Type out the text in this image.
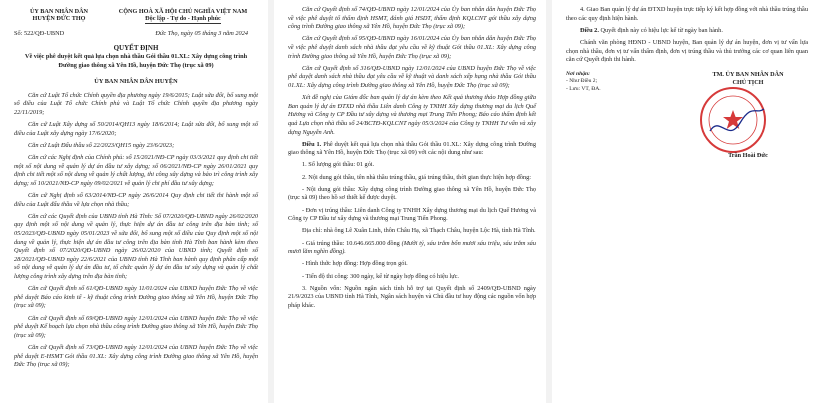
ỦY BAN NHÂN DÂN
HUYỆN ĐỨC THỌ
CỘNG HOÀ XÃ HỘI CHỦ NGHĨA VIỆT NAM
Độc lập - Tự do - Hạnh phúc
Số: 522/QĐ-UBND	Đức Thọ, ngày 05 tháng 3 năm 2024
QUYẾT ĐỊNH
Về việc phê duyệt kết quả lựa chọn nhà thầu Gói thầu 01.XL: Xây dựng công trình Đường giao thông xã Yên Hồ, huyện Đức Thọ (trục xã 09)
ỦY BAN NHÂN DÂN HUYỆN

Căn cứ Luật Tổ chức Chính quyền địa phương ngày 19/6/2015; Luật sửa đổi, bổ sung một số điều của Luật Tổ chức Chính phủ và Luật Tổ chức Chính quyền địa phương ngày 22/11/2019;

Căn cứ Luật Xây dựng số 50/2014/QH13 ngày 18/6/2014; Luật sửa đổi, bổ sung một số điều của Luật xây dựng ngày 17/6/2020;

Căn cứ Luật Đấu thầu số 22/2023/QH15 ngày 23/6/2023;

Căn cứ các Nghị định của Chính phủ: số 15/2021/NĐ-CP ngày 03/3/2021 quy định chi tiết một số nội dung về quản lý dự án đầu tư xây dựng; số 06/2021/NĐ-CP ngày 26/01/2021 quy định chi tiết một số nội dung về quản lý chất lượng, thi công xây dựng và bảo trì công trình xây dựng; số 10/2021/NĐ-CP ngày 09/02/2021 về quản lý chi phí đầu tư xây dựng;

Căn cứ Nghị định số 63/2014/NĐ-CP ngày 26/6/2014 Quy định chi tiết thi hành một số điều của Luật đấu thầu về lựa chọn nhà thầu;

Căn cứ các Quyết định của UBND tỉnh Hà Tĩnh: Số 07/2020/QĐ-UBND ngày 26/02/2020 quy định một số nội dung về quản lý, thực hiện dự án đầu tư công trên địa bàn tỉnh; số 05/2023/QĐ-UBND ngày 05/01/2023 về sửa đổi, bổ sung một số điều của Quy định một số nội dung về quản lý, thực hiện dự án đầu tư công trên địa bàn tỉnh Hà Tĩnh ban hành kèm theo Quyết định số 07/2020/QĐ-UBND ngày 26/02/2020 của UBND tỉnh; Quyết định số 28/2021/QĐ-UBND ngày 22/6/2021 của UBND tỉnh Hà Tĩnh ban hành quy định phân cấp một số nội dung về quản lý dự án đầu tư, tổ chức quản lý dự án đầu tư xây dựng và quản lý chất lượng công trình xây dựng trên địa bàn tỉnh;

Căn cứ Quyết định số 61/QĐ-UBND ngày 11/01/2024 của UBND huyện Đức Thọ về việc phê duyệt Báo cáo kinh tế - kỹ thuật công trình Đường giao thông xã Yên Hồ, huyện Đức Thọ (trục xã 09);

Căn cứ Quyết định số 69/QĐ-UBND ngày 12/01/2024 của UBND huyện Đức Thọ về việc phê duyệt Kế hoạch lựa chọn nhà thầu công trình Đường giao thông xã Yên Hồ, huyện Đức Thọ (trục xã 09);

Căn cứ Quyết định số 73/QĐ-UBND ngày 12/01/2024 của UBND huyện Đức Thọ về việc phê duyệt E-HSMT Gói thầu 01.XL: Xây dựng công trình Đường giao thông xã Yên Hồ, huyện Đức Thọ (trục xã 09);

Căn cứ Quyết định số 74/QĐ-UBND ngày 12/01/2024 của Ủy ban nhân dân huyện Đức Thọ về việc phê duyệt tổ thẩm định HSMT, đánh giá HSDT, thẩm định KQLCNT gói thầu xây dựng công trình Đường giao thông xã Yên Hồ, huyện Đức Thọ (trục xã 09);

Căn cứ Quyết định số 95/QĐ-UBND ngày 16/01/2024 của Ủy ban nhân dân huyện Đức Thọ về việc phê duyệt danh sách nhà thầu đạt yêu cầu về kỹ thuật Gói thầu 01.XL: Xây dựng công trình Đường giao thông xã Yên Hồ, huyện Đức Thọ (trục xã 09);

Căn cứ Quyết định số 316/QĐ-UBND ngày 12/01/2024 của UBND huyện Đức Thọ về việc phê duyệt danh sách nhà thầu đạt yêu cầu về kỹ thuật và danh sách xếp hạng nhà thầu Gói thầu 01.XL: Xây dựng công trình Đường giao thông xã Yên Hồ, huyện Đức Thọ (trục xã 09);

Xét đề nghị của Giám đốc ban quản lý dự án kèm theo Kết quả thương thảo Hợp đồng giữa Ban quản lý dự án ĐTXD nhà thầu Liên danh Công ty TNHH Xây dựng thương mại du lịch Quế Hương và Công ty CP Đầu tư xây dựng và thương mại Trung Tiến Phong; Báo cáo thẩm định kết quả Lựa chọn nhà thầu số 24/BCTĐ-KQLCNT ngày 05/3/2024 của Công ty TNHH Tư vấn và xây dựng Nguyễn Anh.

Điều 1. Phê duyệt kết quả lựa chọn nhà thầu Gói thầu 01.XL: Xây dựng công trình Đường giao thông xã Yên Hồ, huyện Đức Thọ (trục xã 09) với các nội dung như sau:

1. Số lượng gói thầu: 01 gói.

2. Nội dung gói thầu, tên nhà thầu trúng thầu, giá trúng thầu, thời gian thực hiện hợp đồng:

- Nội dung gói thầu: Xây dựng công trình Đường giao thông xã Yên Hồ, huyện Đức Thọ (trục xã 09) theo hồ sơ thiết kế được duyệt.

- Đơn vị trúng thầu: Liên danh Công ty TNHH Xây dựng thương mại du lịch Quế Hương và Công ty CP Đầu tư xây dựng và thương mại Trung Tiến Phong.

Địa chỉ: nhà ông Lê Xuân Linh, thôn Châu Hạ, xã Thạch Châu, huyện Lộc Hà, tỉnh Hà Tĩnh.

- Giá trúng thầu: 10.646.665.000 đồng (Mười tỷ, sáu trăm bốn mươi sáu triệu, sáu trăm sáu mươi lăm nghìn đồng).

- Hình thức hợp đồng: Hợp đồng trọn gói.

- Tiến độ thi công: 300 ngày, kể từ ngày hợp đồng có hiệu lực.

3. Nguồn vốn: Nguồn ngân sách tỉnh hỗ trợ tại Quyết định số 2409/QĐ-UBND ngày 21/9/2023 của UBND tỉnh Hà Tĩnh, Ngân sách huyện và Chủ đầu tư huy động các nguồn vốn hợp pháp khác.

4. Giao Ban quản lý dự án ĐTXD huyện trực tiếp ký kết hợp đồng với nhà thầu trúng thầu theo các quy định hiện hành.

Điều 2. Quyết định này có hiệu lực kể từ ngày ban hành.

Chánh văn phòng HĐND - UBND huyện, Ban quản lý dự án huyện, đơn vị tư vấn lựa chọn nhà thầu, đơn vị tư vấn thẩm định, đơn vị trúng thầu và thủ trưởng các cơ quan liên quan căn cứ Quyết định thi hành.

Nơi nhận:
- Như Điều 2;
- Lưu: VT, ĐA.
TM. ỦY BAN NHÂN DÂN
CHỦ TỊCH
Trần Hoài Đức
